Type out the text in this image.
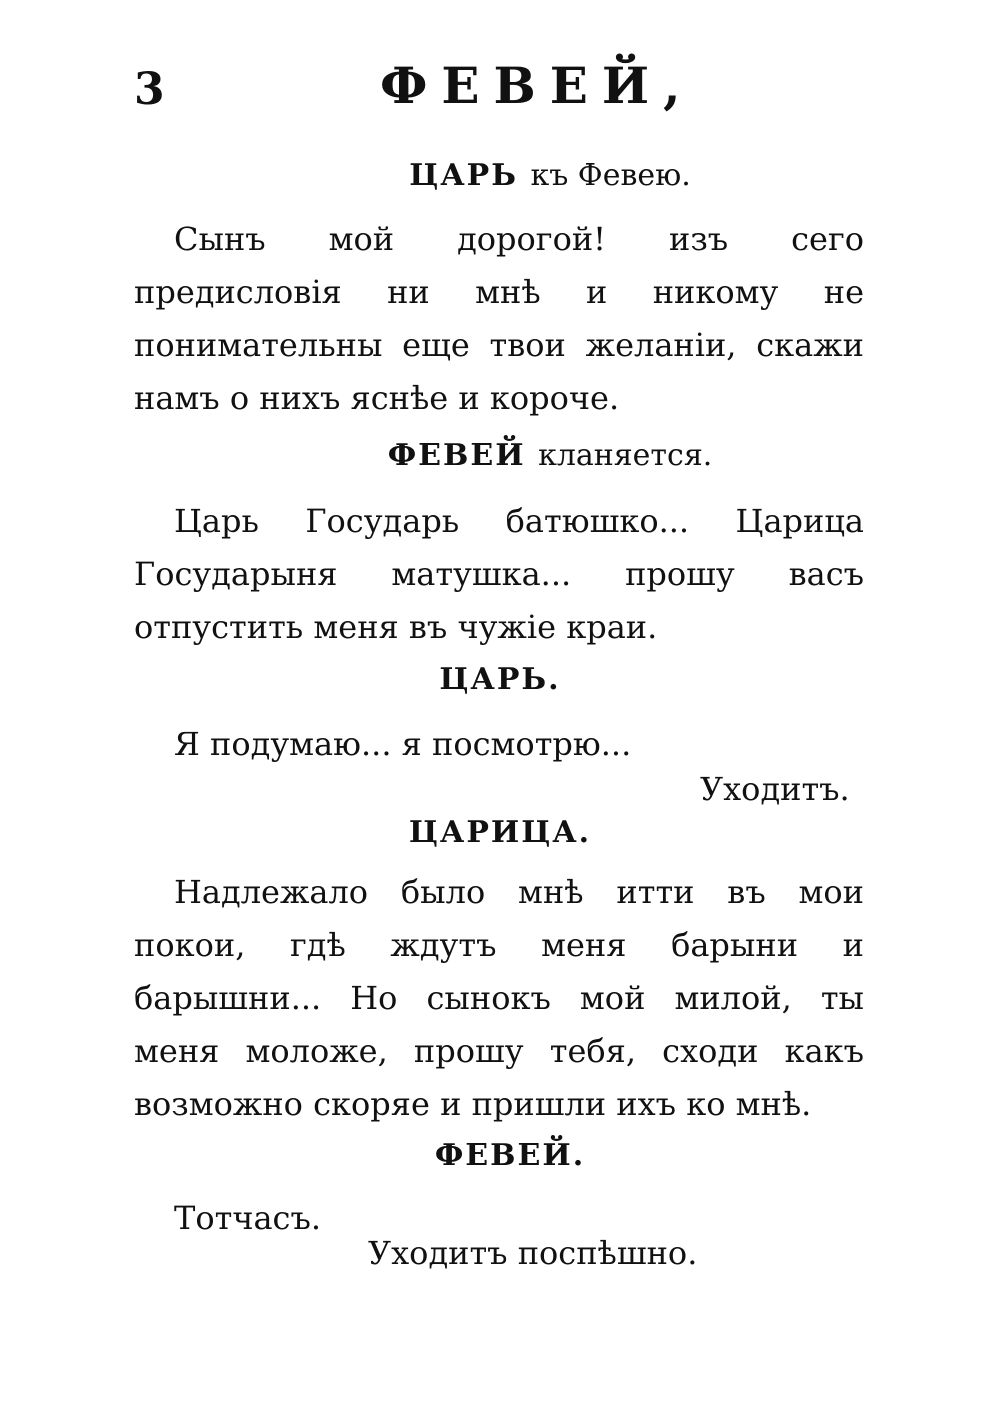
3	ФЕВЕЙ,
ЦАРЬ къ Февею.
Сынъ мой дорогой! изъ сего предисловія ни мнѣ и никому не понимательны еще твои желаніи, скажи намъ о нихъ яснѣе и короче.
ФЕВЕЙ кланяется.
Царь Государь батюшко... Царица Государыня матушка... прошу васъ отпустить меня въ чужіе краи.
ЦАРЬ.
Я подумаю... я посмотрю...
Уходитъ.
ЦАРИЦА.
Надлежало было мнѣ итти въ мои покои, гдѣ ждутъ меня барыни и барышни... Но сынокъ мой милой, ты меня моложе, прошу тебя, сходи какъ возможно скоряе и пришли ихъ ко мнѣ.
ФЕВЕЙ.
Тотчасъ.
Уходитъ поспѣшно.
